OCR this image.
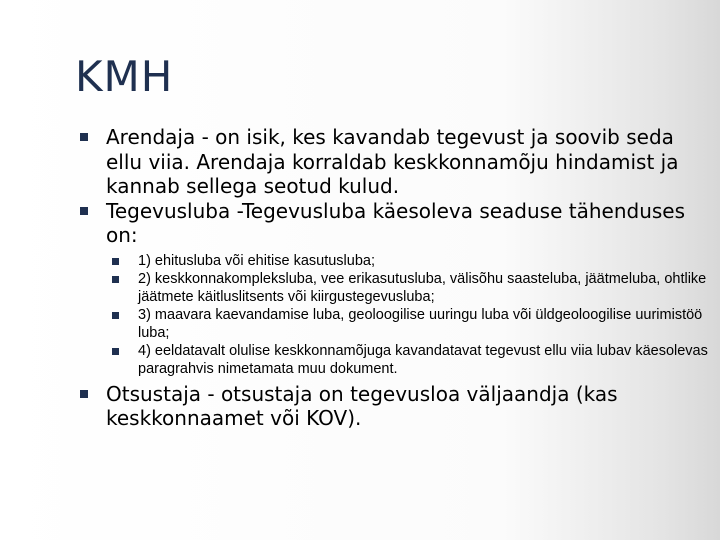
KMH
Arendaja - on isik, kes kavandab tegevust ja soovib seda ellu viia. Arendaja korraldab keskkonnamõju hindamist ja kannab sellega seotud kulud.
Tegevusluba -Tegevusluba käesoleva seaduse tähenduses on:
1) ehitusluba või ehitise kasutusluba;
2) keskkonnakompleksluba, vee erikasutusluba, välisõhu saasteluba, jäätmeluba, ohtlike jäätmete käitluslitsents või kiirgustegevusluba;
3) maavara kaevandamise luba, geoloogilise uuringu luba või üldgeoloogilise uurimistöö luba;
4) eeldatavalt olulise keskkonnamõjuga kavandatavat tegevust ellu viia lubav käesolevas paragrahvis nimetamata muu dokument.
Otsustaja - otsustaja on tegevusloa väljaandja (kas keskkonnaamet või KOV).
